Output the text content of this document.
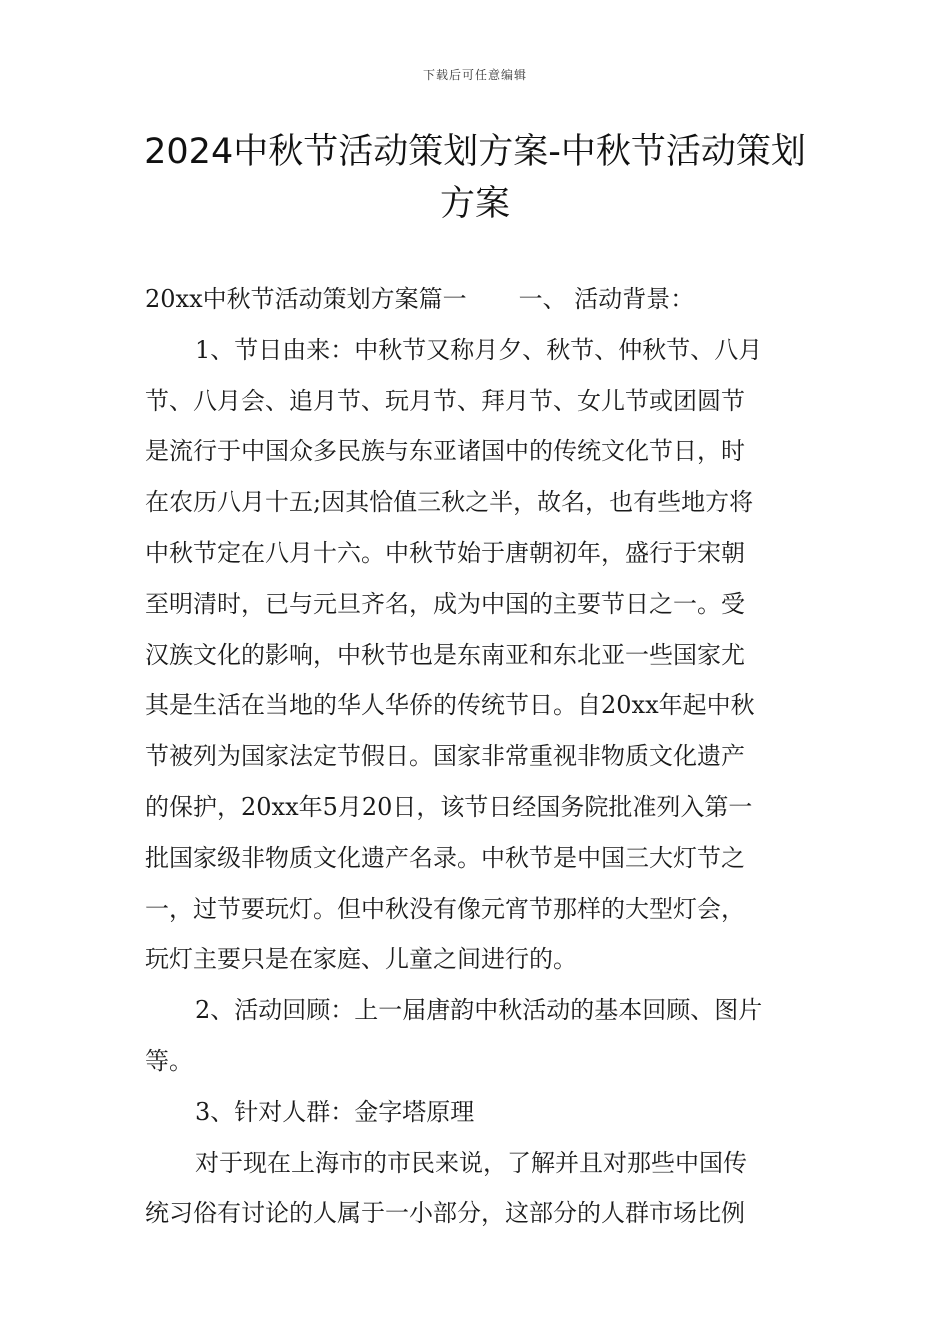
下载后可任意编辑
2024中秋节活动策划方案-中秋节活动策划
方案
20xx中秋节活动策划方案篇一 一、 活动背景：
1、节日由来：中秋节又称月夕、秋节、仲秋节、八月
节、八月会、追月节、玩月节、拜月节、女儿节或团圆节
是流行于中国众多民族与东亚诸国中的传统文化节日，时
在农历八月十五;因其恰值三秋之半，故名，也有些地方将
中秋节定在八月十六。中秋节始于唐朝初年，盛行于宋朝
至明清时，已与元旦齐名，成为中国的主要节日之一。受
汉族文化的影响，中秋节也是东南亚和东北亚一些国家尤
其是生活在当地的华人华侨的传统节日。自20xx年起中秋
节被列为国家法定节假日。国家非常重视非物质文化遗产
的保护，20xx年5月20日，该节日经国务院批准列入第一
批国家级非物质文化遗产名录。中秋节是中国三大灯节之
一，过节要玩灯。但中秋没有像元宵节那样的大型灯会，
玩灯主要只是在家庭、儿童之间进行的。
2、活动回顾：上一届唐韵中秋活动的基本回顾、图片
等。
3、针对人群：金字塔原理
对于现在上海市的市民来说，了解并且对那些中国传
统习俗有讨论的人属于一小部分，这部分的人群市场比例
